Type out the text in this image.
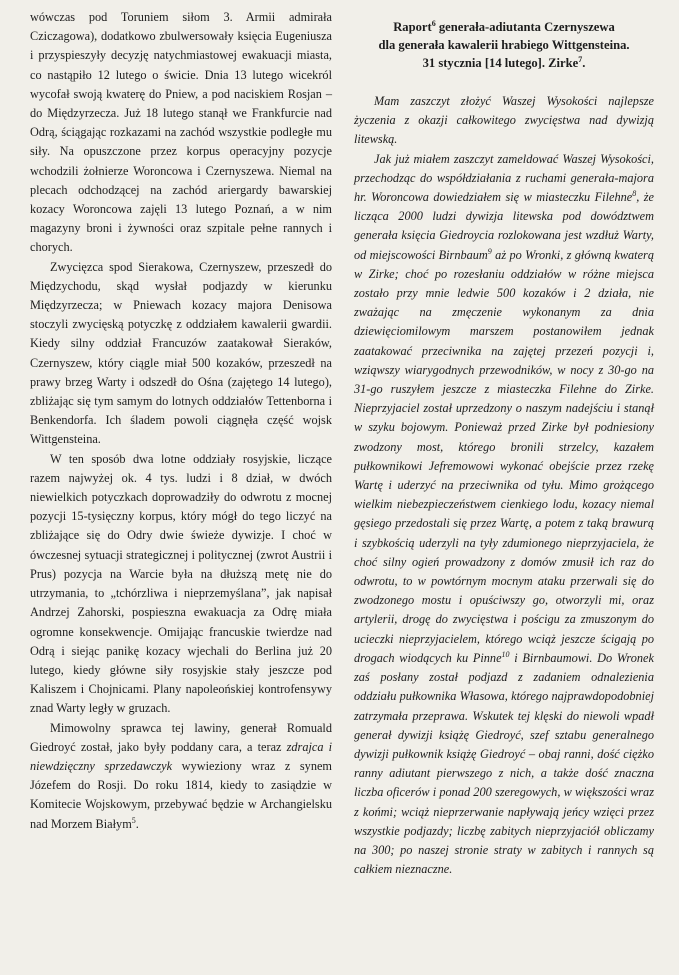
wówczas pod Toruniem siłom 3. Armii admirała Cziczagowa), dodatkowo zbulwersowały księcia Eugeniusza i przyspieszyły decyzję natychmiastowej ewakuacji miasta, co nastąpiło 12 lutego o świcie. Dnia 13 lutego wicekról wycofał swoją kwaterę do Pniew, a pod naciskiem Rosjan – do Międzyrzecza. Już 18 lutego stanął we Frankfurcie nad Odrą, ściągając rozkazami na zachód wszystkie podległe mu siły. Na opuszczone przez korpus operacyjny pozycje wchodzili żołnierze Woroncowa i Czernyszewa. Niemal na plecach odchodzącej na zachód ariergardy bawarskiej kozacy Woroncowa zajęli 13 lutego Poznań, a w nim magazyny broni i żywności oraz szpitale pełne rannych i chorych.

Zwycięzca spod Sierakowa, Czernyszew, przeszedł do Międzychodu, skąd wysłał podjazdy w kierunku Międzyrzecza; w Pniewach kozacy majora Denisowa stoczyli zwycięską potyczkę z oddziałem kawalerii gwardii. Kiedy silny oddział Francuzów zaatakował Sieraków, Czernyszew, który ciągle miał 500 kozaków, przeszedł na prawy brzeg Warty i odszedł do Ośna (zajętego 14 lutego), zbliżając się tym samym do lotnych oddziałów Tettenborna i Benkendorfa. Ich śladem powoli ciągnęła część wojsk Wittgensteina.

W ten sposób dwa lotne oddziały rosyjskie, liczące razem najwyżej ok. 4 tys. ludzi i 8 dział, w dwóch niewielkich potyczkach doprowadziły do odwrotu z mocnej pozycji 15-tysięczny korpus, który mógł do tego liczyć na zbliżające się do Odry dwie świeże dywizje. I choć w ówczesnej sytuacji strategicznej i politycznej (zwrot Austrii i Prus) pozycja na Warcie była na dłuższą metę nie do utrzymania, to „tchórzliwa i nieprzemyślana”, jak napisał Andrzej Zahorski, pospieszna ewakuacja za Odrę miała ogromne konsekwencje. Omijając francuskie twierdze nad Odrą i siejąc panikę kozacy wjechali do Berlina już 20 lutego, kiedy główne siły rosyjskie stały jeszcze pod Kaliszem i Chojnicami. Plany napoleońskiej kontrofensywy znad Warty legły w gruzach.

Mimowolny sprawca tej lawiny, generał Romuald Giedroyć został, jako były poddany cara, a teraz zdrajca i niewdzięczny sprzedawczyk wywieziony wraz z synem Józefem do Rosji. Do roku 1814, kiedy to zasiądzie w Komitecie Wojskowym, przebywać będzie w Archangielsku nad Morzem Białym$^5$.

Raport$^6$ generała-adiutanta Czernyszewa
dla generała kawalerii hrabiego Wittgensteina.
31 stycznia [14 lutego]. Zirke$^7$.

Mam zaszczyt złożyć Waszej Wysokości najlepsze życzenia z okazji całkowitego zwycięstwa nad dywizją litewską.

Jak już miałem zaszczyt zameldować Waszej Wysokości, przechodząc do współdziałania z ruchami generała-majora hr. Woroncowa dowiedziałem się w miasteczku Filehne$^8$, że licząca 2000 ludzi dywizja litewska pod dowództwem generała księcia Giedroycia rozlokowana jest wzdłuż Warty, od miejscowości Birnbaum$^9$ aż po Wronki, z główną kwaterą w Zirke; choć po rozesłaniu oddziałów w różne miejsca zostało przy mnie ledwie 500 kozaków i 2 działa, nie zważając na zmęczenie wykonanym za dnia dziewięciomilowym marszem postanowiłem jednak zaatakować przeciwnika na zajętej przezeń pozycji i, wziąwszy wiarygodnych przewodników, w nocy z 30-go na 31-go ruszyłem jeszcze z miasteczka Filehne do Zirke. Nieprzyjaciel został uprzedzony o naszym nadejściu i stanął w szyku bojowym. Ponieważ przed Zirke był podniesiony zwodzony most, którego bronili strzelcy, kazałem pułkownikowi Jefremowowi wykonać obejście przez rzekę Wartę i uderzyć na przeciwnika od tyłu. Mimo grożącego wielkim niebezpieczeństwem cienkiego lodu, kozacy niemal gęsiego przedostali się przez Wartę, a potem z taką brawurą i szybkością uderzyli na tyły zdumionego nieprzyjaciela, że choć silny ogień prowadzony z domów zmusił ich raz do odwrotu, to w powtórnym mocnym ataku przerwali się do zwodzonego mostu i opuściwszy go, otworzyli mi, oraz artylerii, drogę do zwycięstwa i pościgu za zmuszonym do ucieczki nieprzyjacielem, którego wciąż jeszcze ścigają po drogach wiodących ku Pinne$^{10}$ i Birnbaumowi. Do Wronek zaś posłany został podjazd z zadaniem odnalezienia oddziału pułkownika Własowa, którego najprawdopodobniej zatrzymała przeprawa. Wskutek tej klęski do niewoli wpadł generał dywizji książę Giedroyć, szef sztabu generalnego dywizji pułkownik książę Giedroyć – obaj ranni, dość ciężko ranny adiutant pierwszego z nich, a także dość znaczna liczba oficerów i ponad 200 szeregowych, w większości wraz z końmi; wciąż nieprzerwanie napływają jeńcy wzięci przez wszystkie podjazdy; liczbę zabitych nieprzyjaciół obliczamy na 300; po naszej stronie straty w zabitych i rannych są całkiem nieznaczne.
